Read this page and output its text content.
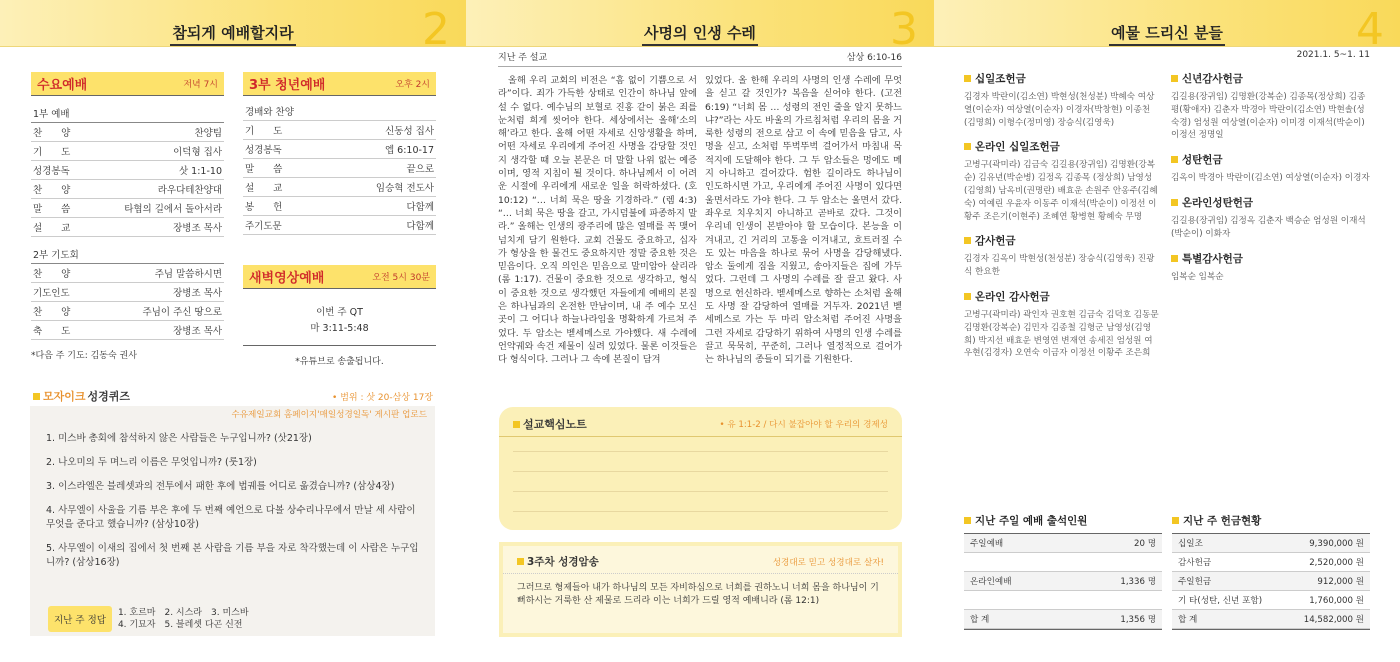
참되게 예배할지라	2
수요예배	저녁 7시
1부 예배
찬　　양	찬양팀
기　　도	이덕형 집사
성경봉독	삿 1:1-10
찬　　양	라우다테찬양대
말　　씀	타협의 길에서 돌아서라
설　　교	장병조 목사
2부 기도회
찬　　양	주님 말씀하시면
기도인도	장병조 목사
찬　　양	주님이 주신 땅으로
축　　도	장병조 목사
*다음 주 기도: 김동숙 권사
3부 청년예배	오후 2시
경배와 찬양
기　　도	신동성 집사
성경봉독	엡 6:10-17
말　　씀	끝으로
설　　교	임승혁 전도사
봉　　헌	다함께
주기도문	다함께
새벽영상예배	오전 5시 30분
이번 주 QT
마 3:11-5:48
*유튜브로 송출됩니다.
모자이크 성경퀴즈	• 범위 : 삿 20-삼상 17장
수유제일교회 홈페이지'매일성경일독' 게시판 업로드
1. 미스바 총회에 참석하지 않은 사람들은 누구입니까? (삿21장)
2. 나오미의 두 며느리 이름은 무엇입니까? (룻1장)
3. 이스라엘은 블레셋과의 전투에서 패한 후에 법궤를 어디로 옮겼습니까? (삼상4장)
4. 사무엘이 사울을 기름 부은 후에 두 번째 예언으로 다볼 상수리나무에서 만날 세 사람이 무엇을 준다고 했습니까? (삼상10장)
5. 사무엘이 이새의 집에서 첫 번째 본 사람을 기름 부을 자로 착각했는데 이 사람은 누구입니까? (삼상16장)
지난 주 정답
1. 호르마　2. 시스라　3. 미스바
4. 기묘자　5. 블레셋 다곤 신전
사명의 인생 수레	3
지난 주 설교	삼상 6:10-16
올해 우리 교회의 비전은 “흠 없이 기쁨으로 서라”이다. 죄가 가득한 상태로 인간이 하나님 앞에 설 수 없다. 예수님의 보혈로 진홍 같이 붉은 죄를 눈처럼 희게 씻어야 한다. 세상에서는 올해‘소의 해’라고 한다. 올해 어떤 자세로 신앙생활을 하며, 어떤 자세로 우리에게 주어진 사명을 감당할 것인지 생각할 때 오늘 본문은 더 말할 나위 없는 예증이며, 영적 지침이 될 것이다. 하나님께서 이 어려운 시절에 우리에게 새로운 일을 허락하셨다. (호 10:12) “… 너희 묵은 땅을 기경하라.” (렘 4:3) “… 너희 묵은 땅을 갈고, 가시덤불에 파종하지 말라.” 올해는 인생의 광주리에 많은 열매를 꼭 맺어 넘치게 담기 원한다. 교회 건물도 중요하고, 십자가 형상을 한 물건도 중요하지만 정말 중요한 것은 믿음이다. 오직 의인은 믿음으로 말미암아 살리라 (롬 1:17). 건물이 중요한 것으로 생각하고, 형식이 중요한 것으로 생각했던 자들에게 예배의 본질은 하나님과의 온전한 만남이며, 내 주 예수 모신 곳이 그 어디나 하늘나라임을 명확하게 가르쳐 주었다. 두 암소는 벧세메스로 가야했다. 새 수레에 언약궤와 속건 제물이 실려 있었다. 물론 이것들은 다 형식이다. 그러나 그 속에 본질이 담겨
있었다. 올 한해 우리의 사명의 인생 수레에 무엇을 싣고 갈 것인가? 복음을 싣어야 한다. (고전 6:19) “너희 몸 … 성령의 전인 줄을 알지 못하느냐?”라는 사도 바울의 가르침처럼 우리의 몸을 거룩한 성령의 전으로 삼고 이 속에 믿음을 담고, 사명을 싣고, 소처럼 뚜벅뚜벅 걸어가서 마침내 목적지에 도달해야 한다. 그 두 암소들은 멍에도 메지 아니하고 걸어갔다. 험한 길이라도 하나님이 인도하시면 가고, 우리에게 주어진 사명이 있다면 울면서라도 가야 한다. 그 두 암소는 울면서 갔다. 좌우로 치우치지 아니하고 곧바로 갔다. 그것이 우리네 인생이 본받아야 할 모습이다. 본능을 이겨내고, 긴 거리의 고통을 이겨내고, 흐트러질 수도 있는 마음을 하나로 묶어 사명을 감당해냈다. 암소 둘에게 짐을 지웠고, 송아지들은 집에 가두었다. 그런데 그 사명의 수레를 잘 끌고 왔다. 사명으로 헌신하라. 벧세메스로 향하는 소처럼 올해도 사명 잘 감당하여 열매를 거두자. 2021년 벧세메스로 가는 두 마리 암소처럼 주어진 사명을 그런 자세로 감당하기 위하여 사명의 인생 수레를 끌고 묵묵히, 꾸준히, 그러나 열정적으로 걸어가는 하나님의 종들이 되기를 기원한다.
설교핵심노트	• 유 1:1-2 / 다시 불잡아야 할 우리의 경제성
3주차 성경암송	성경대로 믿고 성경대로 살자!
그러므로 형제들아 내가 하나님의 모든 자비하심으로 너희를 권하노니 너희 몸을 하나님이 기뻐하시는 거룩한 산 제물로 드리라 이는 너희가 드릴 영적 예배니라 (롬 12:1)
예물 드리신 분들	4
2021.1. 5~1. 11
십일조헌금
김경자 박란이(김소연) 박현성(천성분) 박혜숙 여상열(이순자) 여상열(이순자) 이경자(박창현) 이종천(김명희) 이형수(정미영) 장승식(김영욱)
온라인 십일조헌금
고병구(곽미라) 김금숙 김길용(장귀임) 김명환(강복순) 김유년(박순병) 김정옥 김종목 (정상희) 남영성(김영희) 남옥비(권명란) 배효운 손원주 안옹주(김혜숙) 여예린 우윤자 이동주 이재석(박순이) 이정선 이황주 조은기(이현주) 조혜연 황병현 황혜숙 무명
감사헌금
김경자 김옥이 박현성(천성분) 장승식(김영욱) 진광식 한요한
온라인 감사헌금
고병구(곽미라) 곽인자 권호현 김금숙 김덕호 김동문 김명환(강복순) 김민자 김종철 김형군 남영성(김영희) 박지선 배효운 변영연 변재연 송세진 엄성원 여우현(김경자) 오연숙 이금자 이정선 이황주 조은희
신년감사헌금
김길용(장귀임) 김명환(강복순) 김종목(정상희) 김종평(황애자) 김춘자 박경아 박란이(김소연) 박현솔(성숙경) 엄성원 여상열(이순자) 이미경 이재석(박순이) 이정선 정명일
성탄헌금
김옥이 박경아 박란이(김소연) 여상열(이순자) 이경자
온라인성탄헌금
김길용(장귀임) 김정옥 김춘자 백승순 엄성원 이재석(박순이) 이화자
특별감사헌금
임복순 임복순
지난 주일 예배 출석인원
주일예배	20 명
온라인예배	1,336 명
합 계	1,356 명
지난 주 헌금현황
십일조	9,390,000 원
감사헌금	2,520,000 원
주일헌금	912,000 원
기 타(성탄, 신년 포함)	1,760,000 원
합 계	14,582,000 원
